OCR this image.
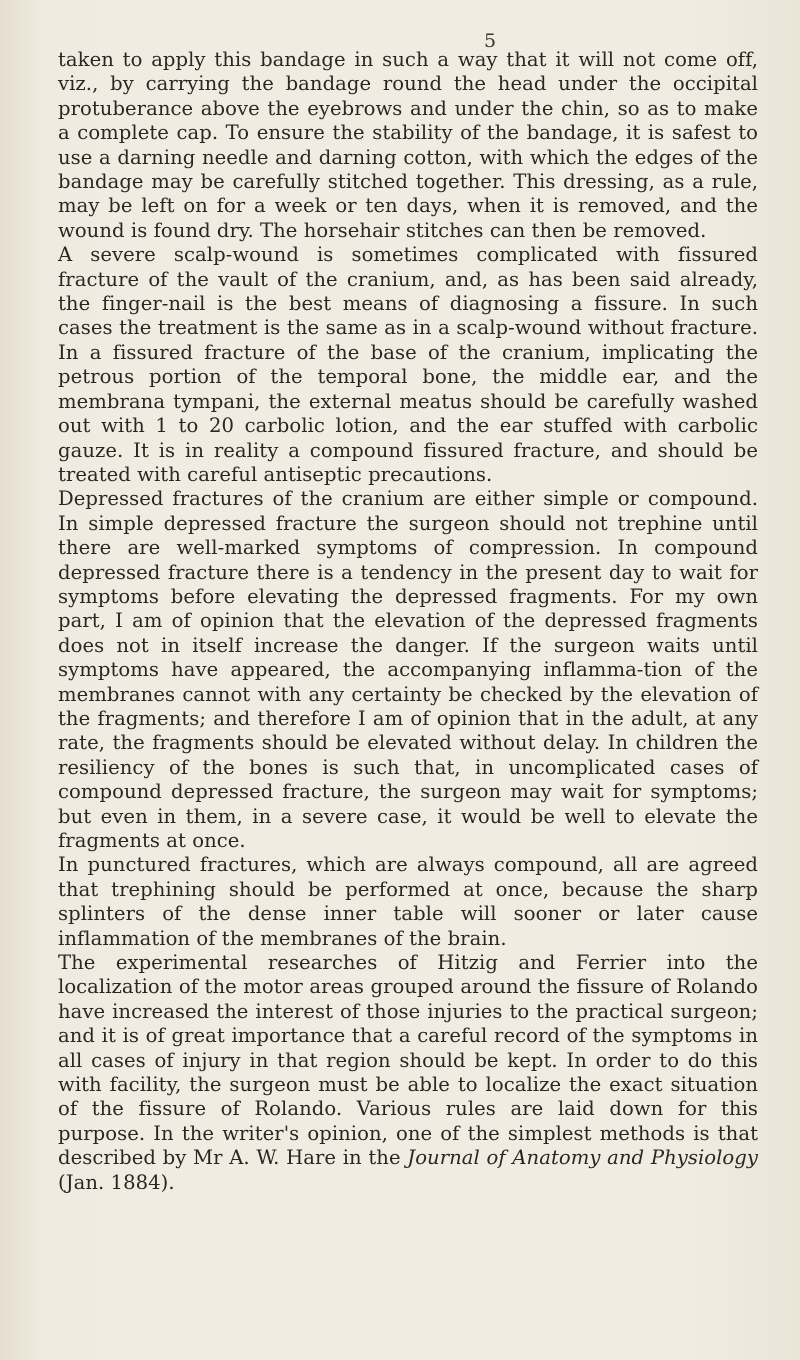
5

taken to apply this bandage in such a way that it will not come off, viz., by carrying the bandage round the head under the occipital protuberance above the eyebrows and under the chin, so as to make a complete cap. To ensure the stability of the bandage, it is safest to use a darning needle and darning cotton, with which the edges of the bandage may be carefully stitched together. This dressing, as a rule, may be left on for a week or ten days, when it is removed, and the wound is found dry. The horsehair stitches can then be removed.

A severe scalp-wound is sometimes complicated with fissured fracture of the vault of the cranium, and, as has been said already, the finger-nail is the best means of diagnosing a fissure. In such cases the treatment is the same as in a scalp-wound without fracture. In a fissured fracture of the base of the cranium, implicating the petrous portion of the temporal bone, the middle ear, and the membrana tympani, the external meatus should be carefully washed out with 1 to 20 carbolic lotion, and the ear stuffed with carbolic gauze. It is in reality a compound fissured fracture, and should be treated with careful antiseptic precautions.

Depressed fractures of the cranium are either simple or compound. In simple depressed fracture the surgeon should not trephine until there are well-marked symptoms of compression. In compound depressed fracture there is a tendency in the present day to wait for symptoms before elevating the depressed fragments. For my own part, I am of opinion that the elevation of the depressed fragments does not in itself increase the danger. If the surgeon waits until symptoms have appeared, the accompanying inflamma-tion of the membranes cannot with any certainty be checked by the elevation of the fragments; and therefore I am of opinion that in the adult, at any rate, the fragments should be elevated without delay. In children the resiliency of the bones is such that, in uncomplicated cases of compound depressed fracture, the surgeon may wait for symptoms; but even in them, in a severe case, it would be well to elevate the fragments at once.

In punctured fractures, which are always compound, all are agreed that trephining should be performed at once, because the sharp splinters of the dense inner table will sooner or later cause inflammation of the membranes of the brain.

The experimental researches of Hitzig and Ferrier into the localization of the motor areas grouped around the fissure of Rolando have increased the interest of those injuries to the practical surgeon; and it is of great importance that a careful record of the symptoms in all cases of injury in that region should be kept. In order to do this with facility, the surgeon must be able to localize the exact situation of the fissure of Rolando. Various rules are laid down for this purpose. In the writer's opinion, one of the simplest methods is that described by Mr A. W. Hare in the Journal of Anatomy and Physiology (Jan. 1884).
